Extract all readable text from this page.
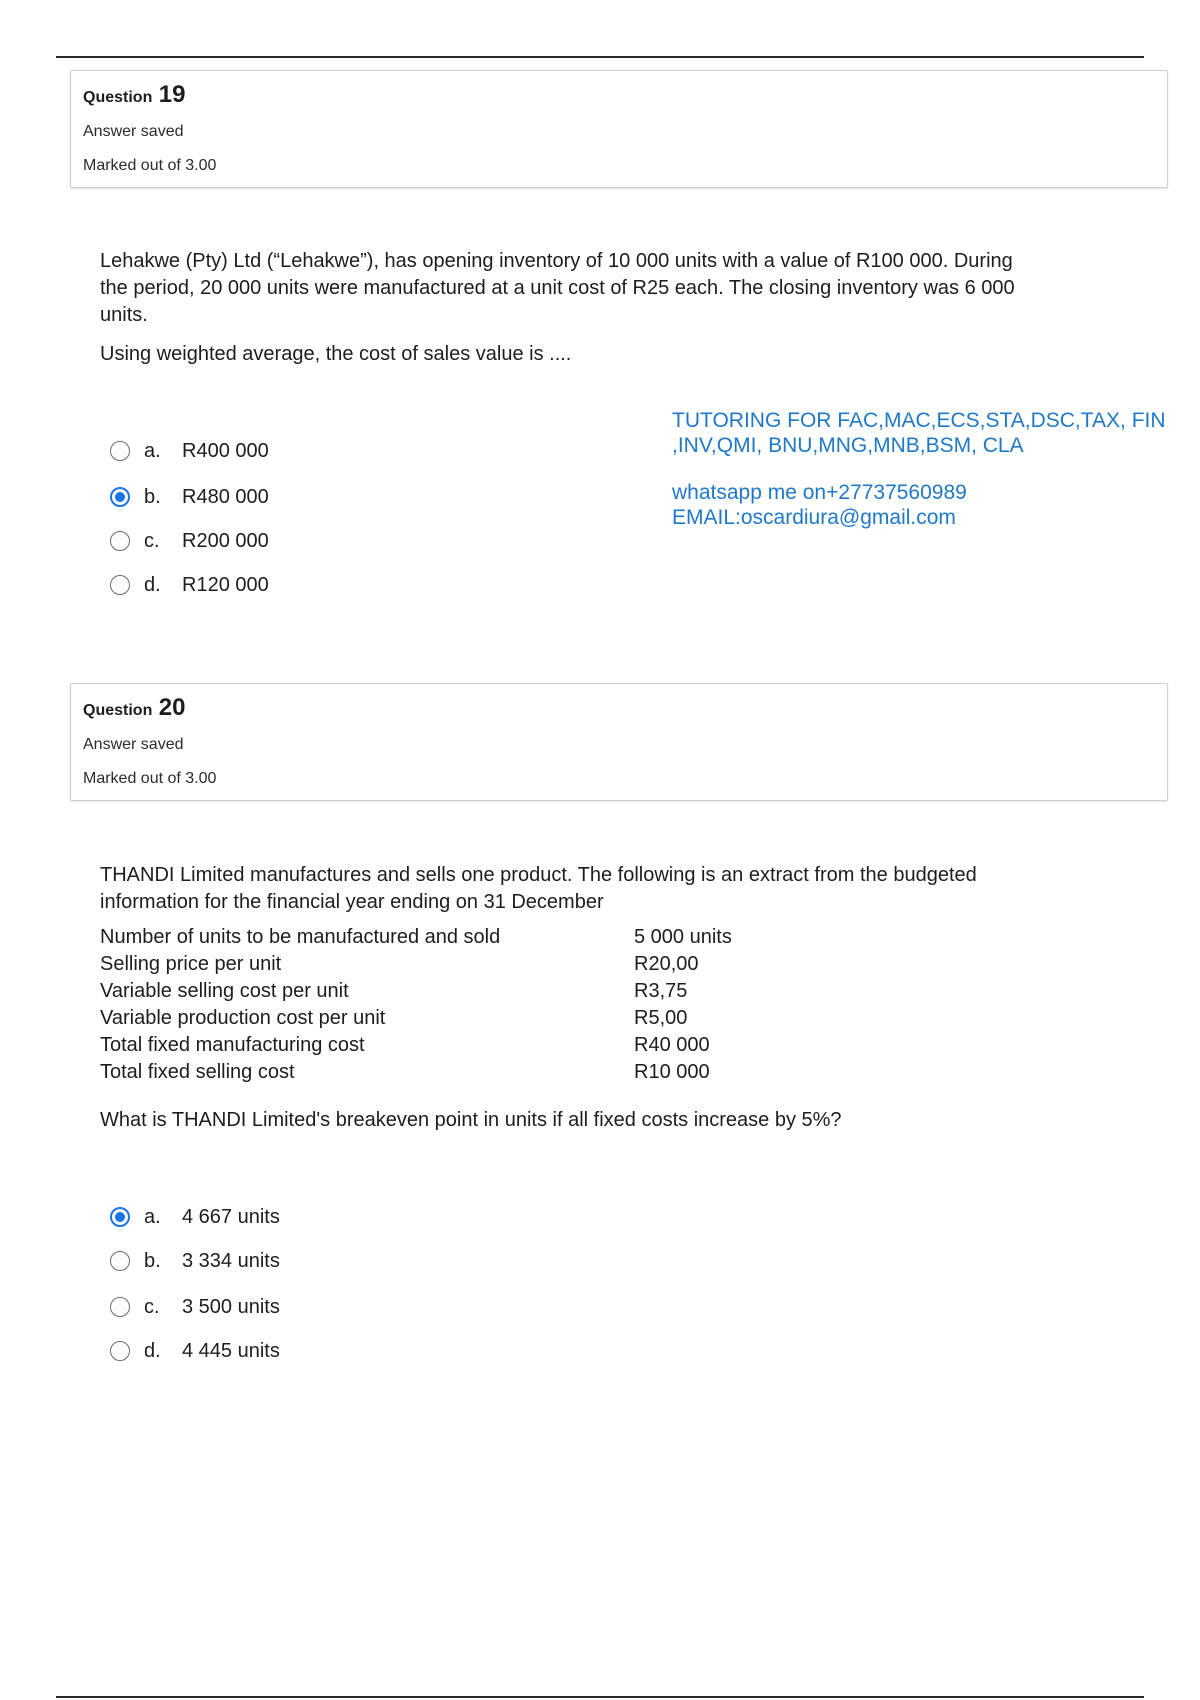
Question 19
Answer saved
Marked out of 3.00

Lehakwe (Pty) Ltd (“Lehakwe”), has opening inventory of 10 000 units with a value of R100 000. During

the period, 20 000 units were manufactured at a unit cost of R25 each. The closing inventory was 6 000

units.

Using weighted average, the cost of sales value is ....

a.	R400 000
b.	R480 000
c.	R200 000
d.	R120 000

TUTORING FOR FAC,MAC,ECS,STA,DSC,TAX, FIN

,INV,QMI, BNU,MNG,MNB,BSM, CLA

whatsapp me on+27737560989

EMAIL:oscardiura@gmail.com

Question 20
Answer saved
Marked out of 3.00

THANDI Limited manufactures and sells one product. The following is an extract from the budgeted

information for the financial year ending on 31 December

Number of units to be manufactured and sold	5 000 units
Selling price per unit	R20,00
Variable selling cost per unit	R3,75
Variable production cost per unit	R5,00
Total fixed manufacturing cost	R40 000
Total fixed selling cost	R10 000

What is THANDI Limited's breakeven point in units if all fixed costs increase by 5%?

a.	4 667 units
b.	3 334 units
c.	3 500 units
d.	4 445 units
